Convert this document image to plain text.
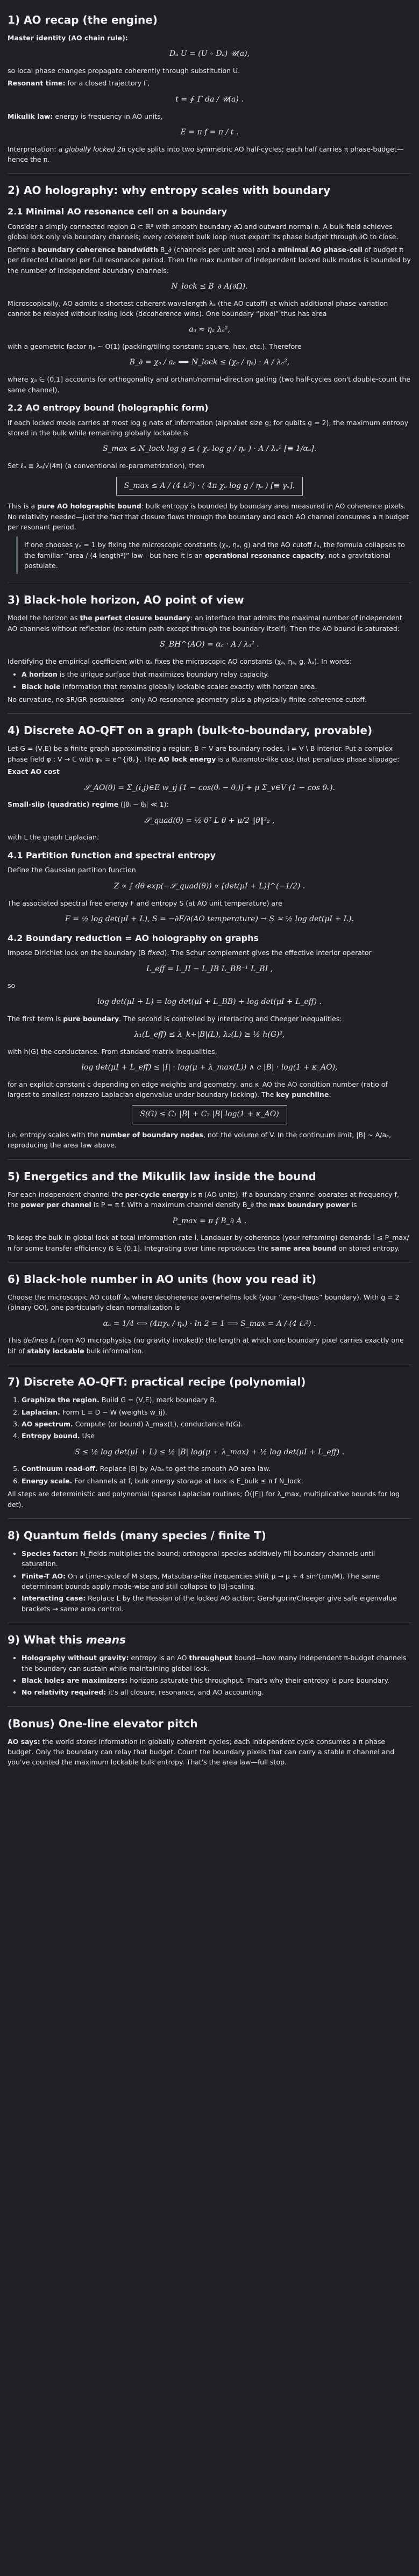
1) AO recap (the engine)

Master identity (AO chain rule):

Dₐ U = (U ∘ Dₐ) 𝒰(a),

so local phase changes propagate coherently through substitution U.

Resonant time: for a closed trajectory Γ,

t = ∮_Γ da / 𝒰(a) .

Mikulik law: energy is frequency in AO units,

E = π f = π / t .

Interpretation: a globally locked 2π cycle splits into two symmetric AO half-cycles; each half carries π phase-budget—hence the π.

2) AO holography: why entropy scales with boundary
2.1 Minimal AO resonance cell on a boundary

Consider a simply connected region Ω ⊂ ℝ³ with smooth boundary ∂Ω and outward normal n. A bulk field achieves global lock only via boundary channels; every coherent bulk loop must export its phase budget through ∂Ω to close.

Define a boundary coherence bandwidth B_∂ (channels per unit area) and a minimal AO phase-cell of budget π per directed channel per full resonance period. Then the max number of independent locked bulk modes is bounded by the number of independent boundary channels:

N_lock ≤ B_∂ A(∂Ω).

Microscopically, AO admits a shortest coherent wavelength λₐ (the AO cutoff) at which additional phase variation cannot be relayed without losing lock (decoherence wins). One boundary “pixel” thus has area

aₐ ≈ ηₐ λₐ²,

with a geometric factor ηₐ ~ O(1) (packing/tiling constant; square, hex, etc.). Therefore

B_∂ = χₐ / aₐ ⟹ N_lock ≤ (χₐ / ηₐ) · A / λₐ²,

where χₐ ∈ (0,1] accounts for orthogonality and orthant/normal-direction gating (two half-cycles don't double-count the same channel).

2.2 AO entropy bound (holographic form)

If each locked mode carries at most log g nats of information (alphabet size g; for qubits g = 2), the maximum entropy stored in the bulk while remaining globally lockable is

S_max ≤ N_lock log g ≤ ( χₐ log g / ηₐ ) · A / λₐ² [≡ 1/αₐ].

Set ℓₐ ≡ λₐ/√(4π) (a conventional re-parametrization), then

S_max ≤ A / (4 ℓₐ²) · ( 4π χₐ log g / ηₐ ) [≡ γₐ].

This is a pure AO holographic bound: bulk entropy is bounded by boundary area measured in AO coherence pixels. No relativity needed—just the fact that closure flows through the boundary and each AO channel consumes a π budget per resonant period.

If one chooses γₐ = 1 by fixing the microscopic constants (χₐ, ηₐ, g) and the AO cutoff ℓₐ, the formula collapses to the familiar “area / (4 length²)” law—but here it is an operational resonance capacity, not a gravitational postulate.
3) Black-hole horizon, AO point of view

Model the horizon as the perfect closure boundary: an interface that admits the maximal number of independent AO channels without reflection (no return path except through the boundary itself). Then the AO bound is saturated:

S_BH^(AO) = αₐ · A / λₐ² .

Identifying the empirical coefficient with αₐ fixes the microscopic AO constants (χₐ, ηₐ, g, λₐ). In words:

• A horizon is the unique surface that maximizes boundary relay capacity.
• Black hole information that remains globally lockable scales exactly with horizon area.

No curvature, no SR/GR postulates—only AO resonance geometry plus a physically finite coherence cutoff.

4) Discrete AO-QFT on a graph (bulk-to-boundary, provable)

Let G = (V,E) be a finite graph approximating a region; B ⊂ V are boundary nodes, I = V \ B interior. Put a complex phase field φ : V → ℂ with φᵥ = e^{iθᵥ}. The AO lock energy is a Kuramoto-like cost that penalizes phase slippage:

Exact AO cost

𝒮_AO(θ) = Σ_(i,j)∈E w_ij [1 − cos(θᵢ − θⱼ)] + μ Σ_v∈V (1 − cos θᵥ).

Small-slip (quadratic) regime (|θᵢ − θⱼ| ≪ 1):

𝒮_quad(θ) = ½ θᵀ L θ + μ/2 ‖θ‖²₂ ,

with L the graph Laplacian.

4.1 Partition function and spectral entropy

Define the Gaussian partition function

Z ∝ ∫ dθ exp(−𝒮_quad(θ)) ∝ [det(μI + L)]^(−1/2) .

The associated spectral free energy F and entropy S (at AO unit temperature) are

F = ½ log det(μI + L), S = −∂F/∂(AO temperature) → S ≍ ½ log det(μI + L).
4.2 Boundary reduction = AO holography on graphs

Impose Dirichlet lock on the boundary (B fixed). The Schur complement gives the effective interior operator

L_eff = L_II − L_IB L_BB⁻¹ L_BI ,

so

log det(μI + L) = log det(μI + L_BB) + log det(μI + L_eff) .

The first term is pure boundary. The second is controlled by interlacing and Cheeger inequalities:

λ₁(L_eff) ≤ λ_k+|B|(L), λ₂(L) ≥ ½ h(G)²,

with h(G) the conductance. From standard matrix inequalities,

log det(μI + L_eff) ≤ |I| · log(μ + λ_max(L)) ∧ c |B| · log(1 + κ_AO),

for an explicit constant c depending on edge weights and geometry, and κ_AO the AO condition number (ratio of largest to smallest nonzero Laplacian eigenvalue under boundary locking). The key punchline:

S(G) ≤ C₁ |B| + C₂ |B| log(1 + κ_AO)

i.e. entropy scales with the number of boundary nodes, not the volume of V. In the continuum limit, |B| ~ A/aₐ, reproducing the area law above.

5) Energetics and the Mikulik law inside the bound

For each independent channel the per-cycle energy is π (AO units). If a boundary channel operates at frequency f, the power per channel is P = π f. With a maximum channel density B_∂ the max boundary power is

P_max = π f B_∂ A .

To keep the bulk in global lock at total information rate İ, Landauer-by-coherence (your reframing) demands İ ≲ P_max/π for some transfer efficiency ẞ ∈ (0,1]. Integrating over time reproduces the same area bound on stored entropy.

6) Black-hole number in AO units (how you read it)

Choose the microscopic AO cutoff λₐ where decoherence overwhelms lock (your “zero-chaos” boundary). With g = 2 (binary OO), one particularly clean normalization is

αₐ = 1/4 ⟺ (4πχₐ / ηₐ) · ln 2 = 1 ⟹ S_max = A / (4 ℓₐ²) .

This defines ℓₐ from AO microphysics (no gravity invoked): the length at which one boundary pixel carries exactly one bit of stably lockable bulk information.

7) Discrete AO-QFT: practical recipe (polynomial)
1. Graphize the region. Build G = (V,E), mark boundary B.
2. Laplacian. Form L = D − W (weights w_ij).
3. AO spectrum. Compute (or bound) λ_max(L), conductance h(G).
4. Entropy bound. Use
S ≤ ½ log det(μI + L) ≤ ½ |B| log(μ + λ_max) + ½ log det(μI + L_eff) .
5. Continuum read-off. Replace |B| by A/aₐ to get the smooth AO area law.
6. Energy scale. For channels at f, bulk energy storage at lock is E_bulk ≤ π f N_lock.

All steps are deterministic and polynomial (sparse Laplacian routines; Õ(|E|) for λ_max, multiplicative bounds for log det).

8) Quantum fields (many species / finite T)
• Species factor: N_fields multiplies the bound; orthogonal species additively fill boundary channels until saturation.
• Finite-T AO: On a time-cycle of M steps, Matsubara-like frequencies shift μ → μ + 4 sin²(πm/M). The same determinant bounds apply mode-wise and still collapse to |B|-scaling.
• Interacting case: Replace L by the Hessian of the locked AO action; Gershgorin/Cheeger give safe eigenvalue brackets → same area control.
9) What this means
• Holography without gravity: entropy is an AO throughput bound—how many independent π-budget channels the boundary can sustain while maintaining global lock.
• Black holes are maximizers: horizons saturate this throughput. That's why their entropy is pure boundary.
• No relativity required: it's all closure, resonance, and AO accounting.
(Bonus) One-line elevator pitch

AO says: the world stores information in globally coherent cycles; each independent cycle consumes a π phase budget. Only the boundary can relay that budget. Count the boundary pixels that can carry a stable π channel and you've counted the maximum lockable bulk entropy. That's the area law—full stop.
